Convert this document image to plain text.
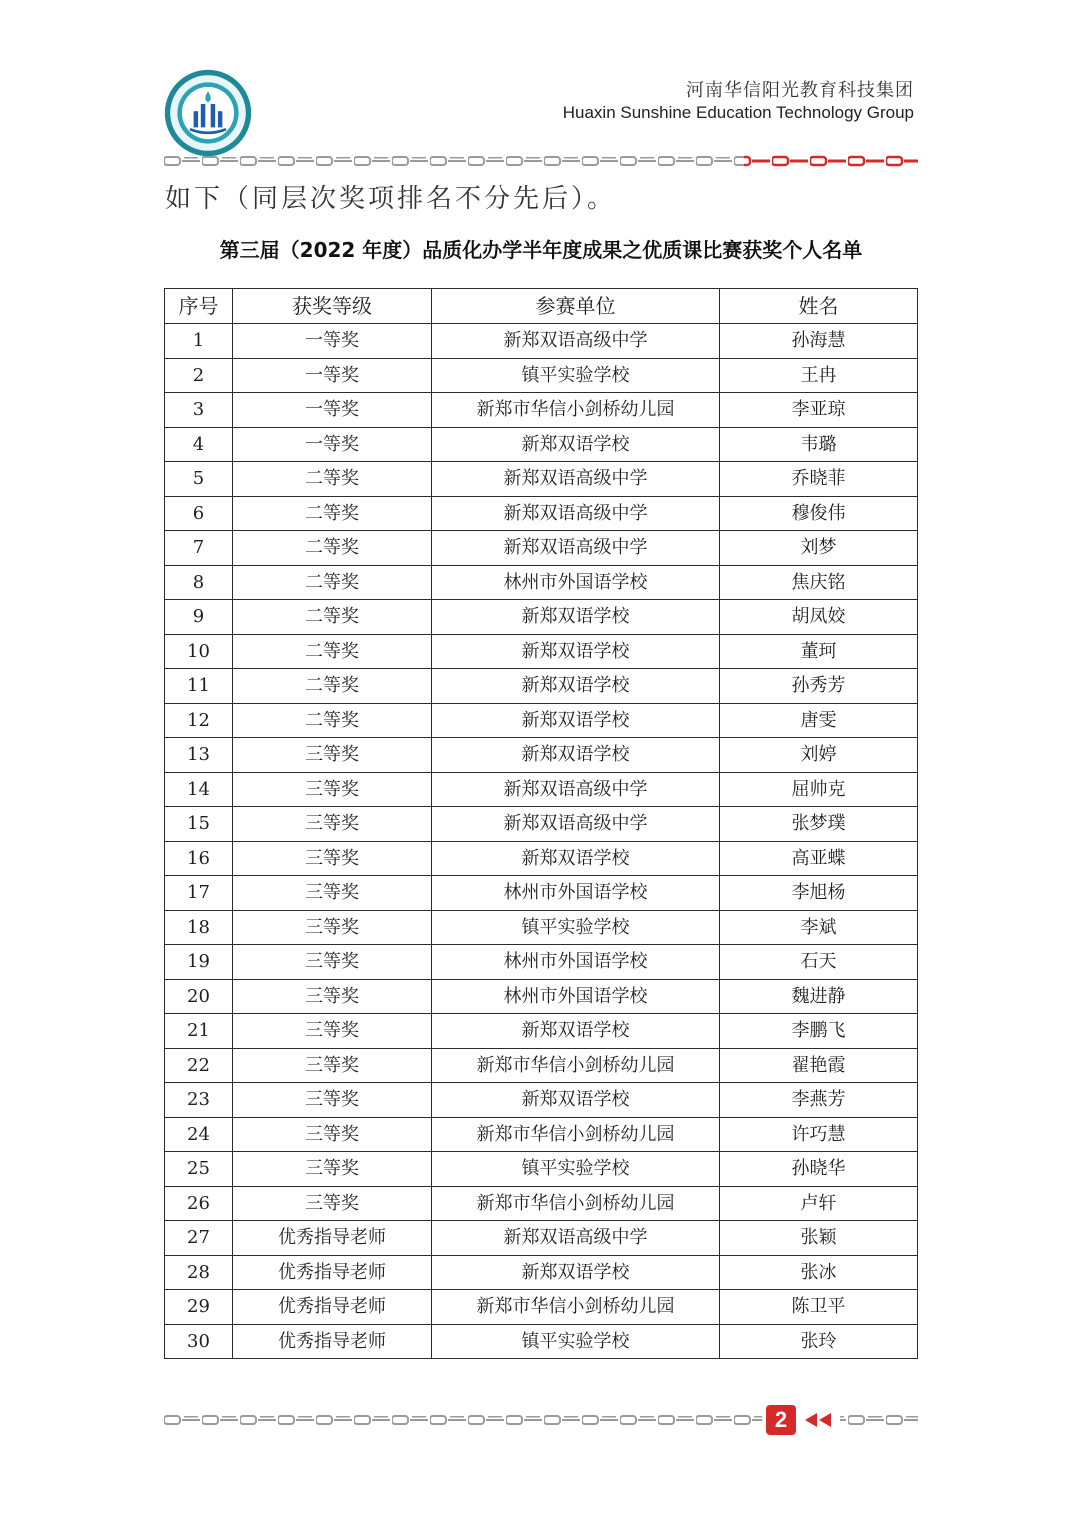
河南华信阳光教育科技集团
Huaxin Sunshine Education Technology Group
如下（同层次奖项排名不分先后）。
第三届（2022 年度）品质化办学半年度成果之优质课比赛获奖个人名单
序号	获奖等级	参赛单位	姓名
1	一等奖	新郑双语高级中学	孙海慧
2	一等奖	镇平实验学校	王冉
3	一等奖	新郑市华信小剑桥幼儿园	李亚琼
4	一等奖	新郑双语学校	韦璐
5	二等奖	新郑双语高级中学	乔晓菲
6	二等奖	新郑双语高级中学	穆俊伟
7	二等奖	新郑双语高级中学	刘梦
8	二等奖	林州市外国语学校	焦庆铭
9	二等奖	新郑双语学校	胡凤姣
10	二等奖	新郑双语学校	董珂
11	二等奖	新郑双语学校	孙秀芳
12	二等奖	新郑双语学校	唐雯
13	三等奖	新郑双语学校	刘婷
14	三等奖	新郑双语高级中学	屈帅克
15	三等奖	新郑双语高级中学	张梦璞
16	三等奖	新郑双语学校	高亚蝶
17	三等奖	林州市外国语学校	李旭杨
18	三等奖	镇平实验学校	李斌
19	三等奖	林州市外国语学校	石天
20	三等奖	林州市外国语学校	魏进静
21	三等奖	新郑双语学校	李鹏飞
22	三等奖	新郑市华信小剑桥幼儿园	翟艳霞
23	三等奖	新郑双语学校	李燕芳
24	三等奖	新郑市华信小剑桥幼儿园	许巧慧
25	三等奖	镇平实验学校	孙晓华
26	三等奖	新郑市华信小剑桥幼儿园	卢轩
27	优秀指导老师	新郑双语高级中学	张颖
28	优秀指导老师	新郑双语学校	张冰
29	优秀指导老师	新郑市华信小剑桥幼儿园	陈卫平
30	优秀指导老师	镇平实验学校	张玲
2
